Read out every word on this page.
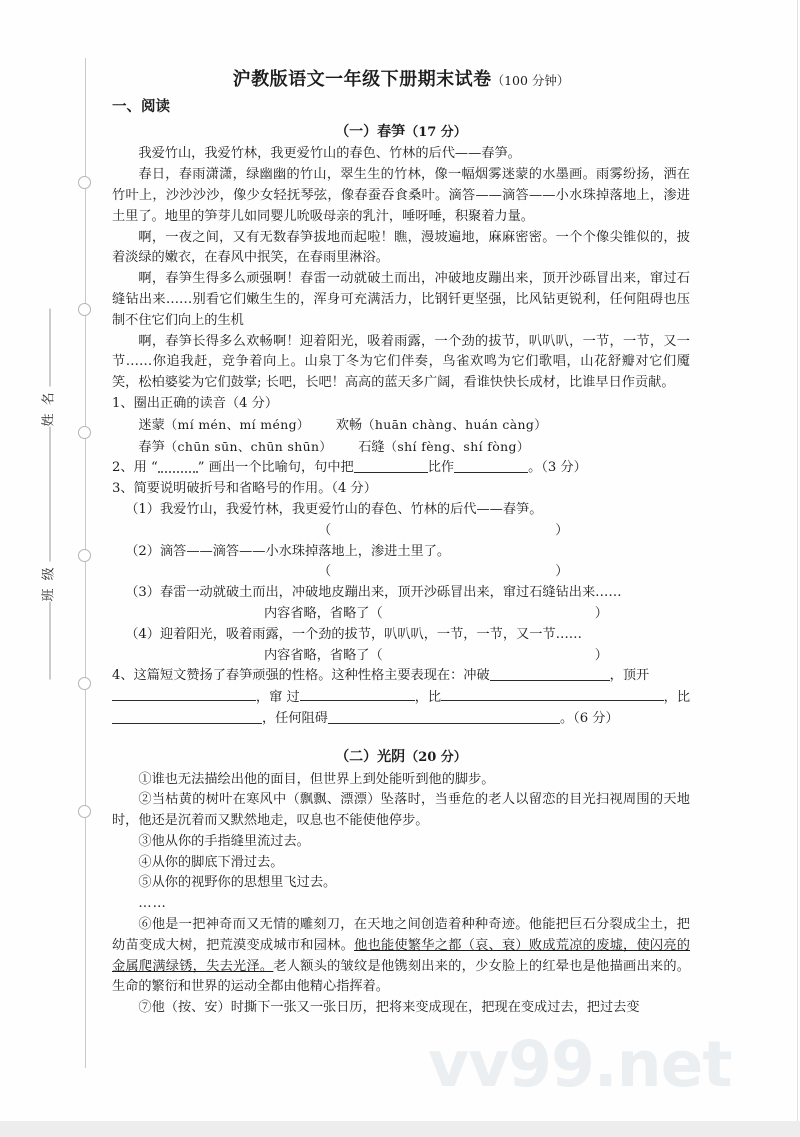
vv99.net
姓 名
班 级
沪教版语文一年级下册期末试卷（100 分钟）
一、阅读
（一）春笋（17 分）

我爱竹山，我爱竹林，我更爱竹山的春色、竹林的后代——春笋。

春日，春雨潇潇，绿幽幽的竹山，翠生生的竹林，像一幅烟雾迷蒙的水墨画。雨雾纷扬，洒在竹叶上，沙沙沙沙，像少女轻抚琴弦，像春蚕吞食桑叶。滴答——滴答——小水珠掉落地上，渗进土里了。地里的笋芽儿如同婴儿吮吸母亲的乳汁，唾呀唾，积聚着力量。

啊，一夜之间，又有无数春笋拔地而起啦！瞧，漫坡遍地，麻麻密密。一个个像尖锥似的，披着淡绿的嫩衣，在春风中抿笑，在春雨里淋浴。

啊，春笋生得多么顽强啊！春雷一动就破土而出，冲破地皮蹦出来，顶开沙砾冒出来，窜过石缝钻出来……别看它们嫩生生的，浑身可充满活力，比钢钎更坚强，比风钻更锐利，任何阻碍也压制不住它们向上的生机

啊，春笋长得多么欢畅啊！迎着阳光，吸着雨露，一个劲的拔节，叭叭叭，一节，一节，又一节……你追我赶，竞争着向上。山泉丁冬为它们伴奏，鸟雀欢鸣为它们歌唱，山花舒瓣对它们魇笑，松柏婆娑为它们鼓掌; 长吧，长吧！高高的蓝天多广阔，看谁快快长成材，比谁早日作贡献。

1、圈出正确的读音（4 分）

迷蒙（mí mén、mí méng） 欢畅（huān chàng、huán càng）

春笋（chūn sūn、chūn shūn） 石缝（shí fèng、shí fòng）

2、用 “	” 画出一个比喻句，句中把	比作	。（3 分）

3、简要说明破折号和省略号的作用。（4 分）

（1）我爱竹山，我爱竹林，我更爱竹山的春色、竹林的后代——春笋。
（	）

（2）滴答——滴答——小水珠掉落地上，渗进土里了。
（	）

（3）春雷一动就破土而出，冲破地皮蹦出来，顶开沙砾冒出来，窜过石缝钻出来……
内容省略，省略了（	）

（4）迎着阳光，吸着雨露，一个劲的拔节，叭叭叭，一节，一节，又一节……
内容省略，省略了（	）

4、这篇短文赞扬了春笋顽强的性格。这种性格主要表现在：冲破	，顶开

， 窜 过	， 比	， 比

，任何阻碍	。（6 分）

（二）光阴（20 分）

①谁也无法描绘出他的面目，但世界上到处能听到他的脚步。

②当枯黄的树叶在寒风中（飘飘、漂漂）坠落时，当垂危的老人以留恋的目光扫视周围的天地时，他还是沉着而又默然地走，叹息也不能使他停步。

③他从你的手指缝里流过去。

④从你的脚底下滑过去。

⑤从你的视野你的思想里飞过去。

……

⑥他是一把神奇而又无情的雕刻刀，在天地之间创造着种种奇迹。他能把巨石分裂成尘土，把幼苗变成大树，把荒漠变成城市和园林。他也能使繁华之都（哀、衰）败成荒凉的废墟，使闪亮的金属爬满绿锈，失去光泽。老人额头的皱纹是他镌刻出来的，少女脸上的红晕也是他描画出来的。生命的繁衍和世界的运动全都由他精心指挥着。

⑦他（按、安）时撕下一张又一张日历，把将来变成现在，把现在变成过去，把过去变
